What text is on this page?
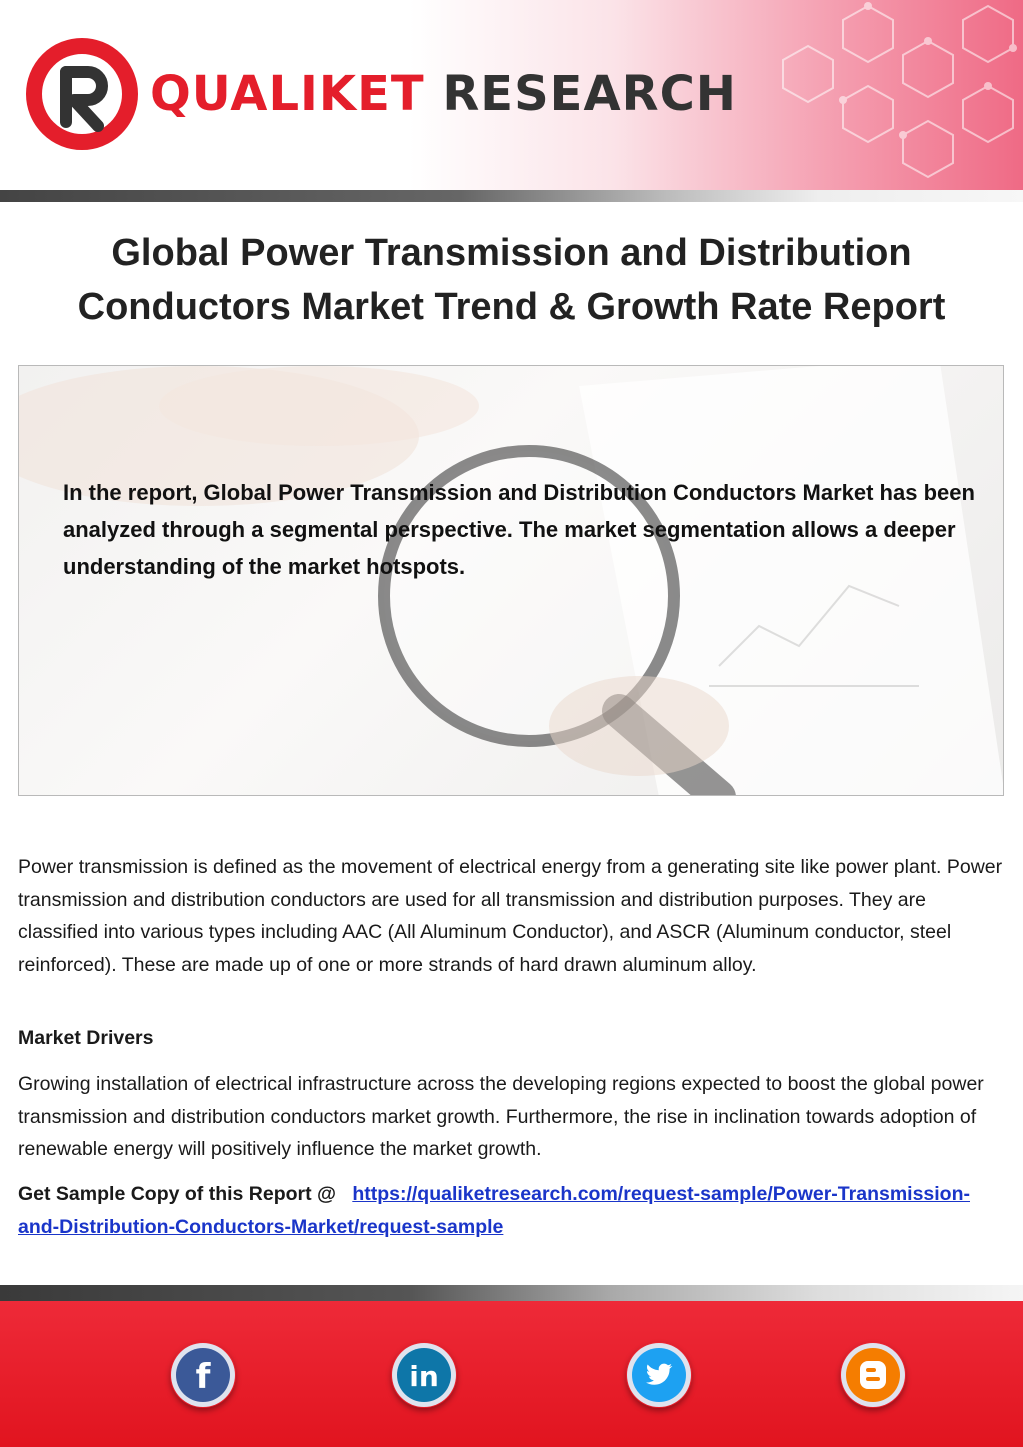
QUALIKET RESEARCH
Global Power Transmission and Distribution
Conductors Market Trend & Growth Rate Report
In the report, Global Power Transmission and Distribution Conductors Market has been analyzed through a segmental perspective. The market segmentation allows a deeper understanding of the market hotspots.

Power transmission is defined as the movement of electrical energy from a generating site like power plant. Power transmission and distribution conductors are used for all transmission and distribution purposes. They are classified into various types including AAC (All Aluminum Conductor), and ASCR (Aluminum conductor, steel reinforced). These are made up of one or more strands of hard drawn aluminum alloy.

Market Drivers

Growing installation of electrical infrastructure across the developing regions expected to boost the global power transmission and distribution conductors market growth. Furthermore, the rise in inclination towards adoption of renewable energy will positively influence the market growth.

Get Sample Copy of this Report @ https://qualiketresearch.com/request-sample/Power-Transmission-and-Distribution-Conductors-Market/request-sample

f	in
